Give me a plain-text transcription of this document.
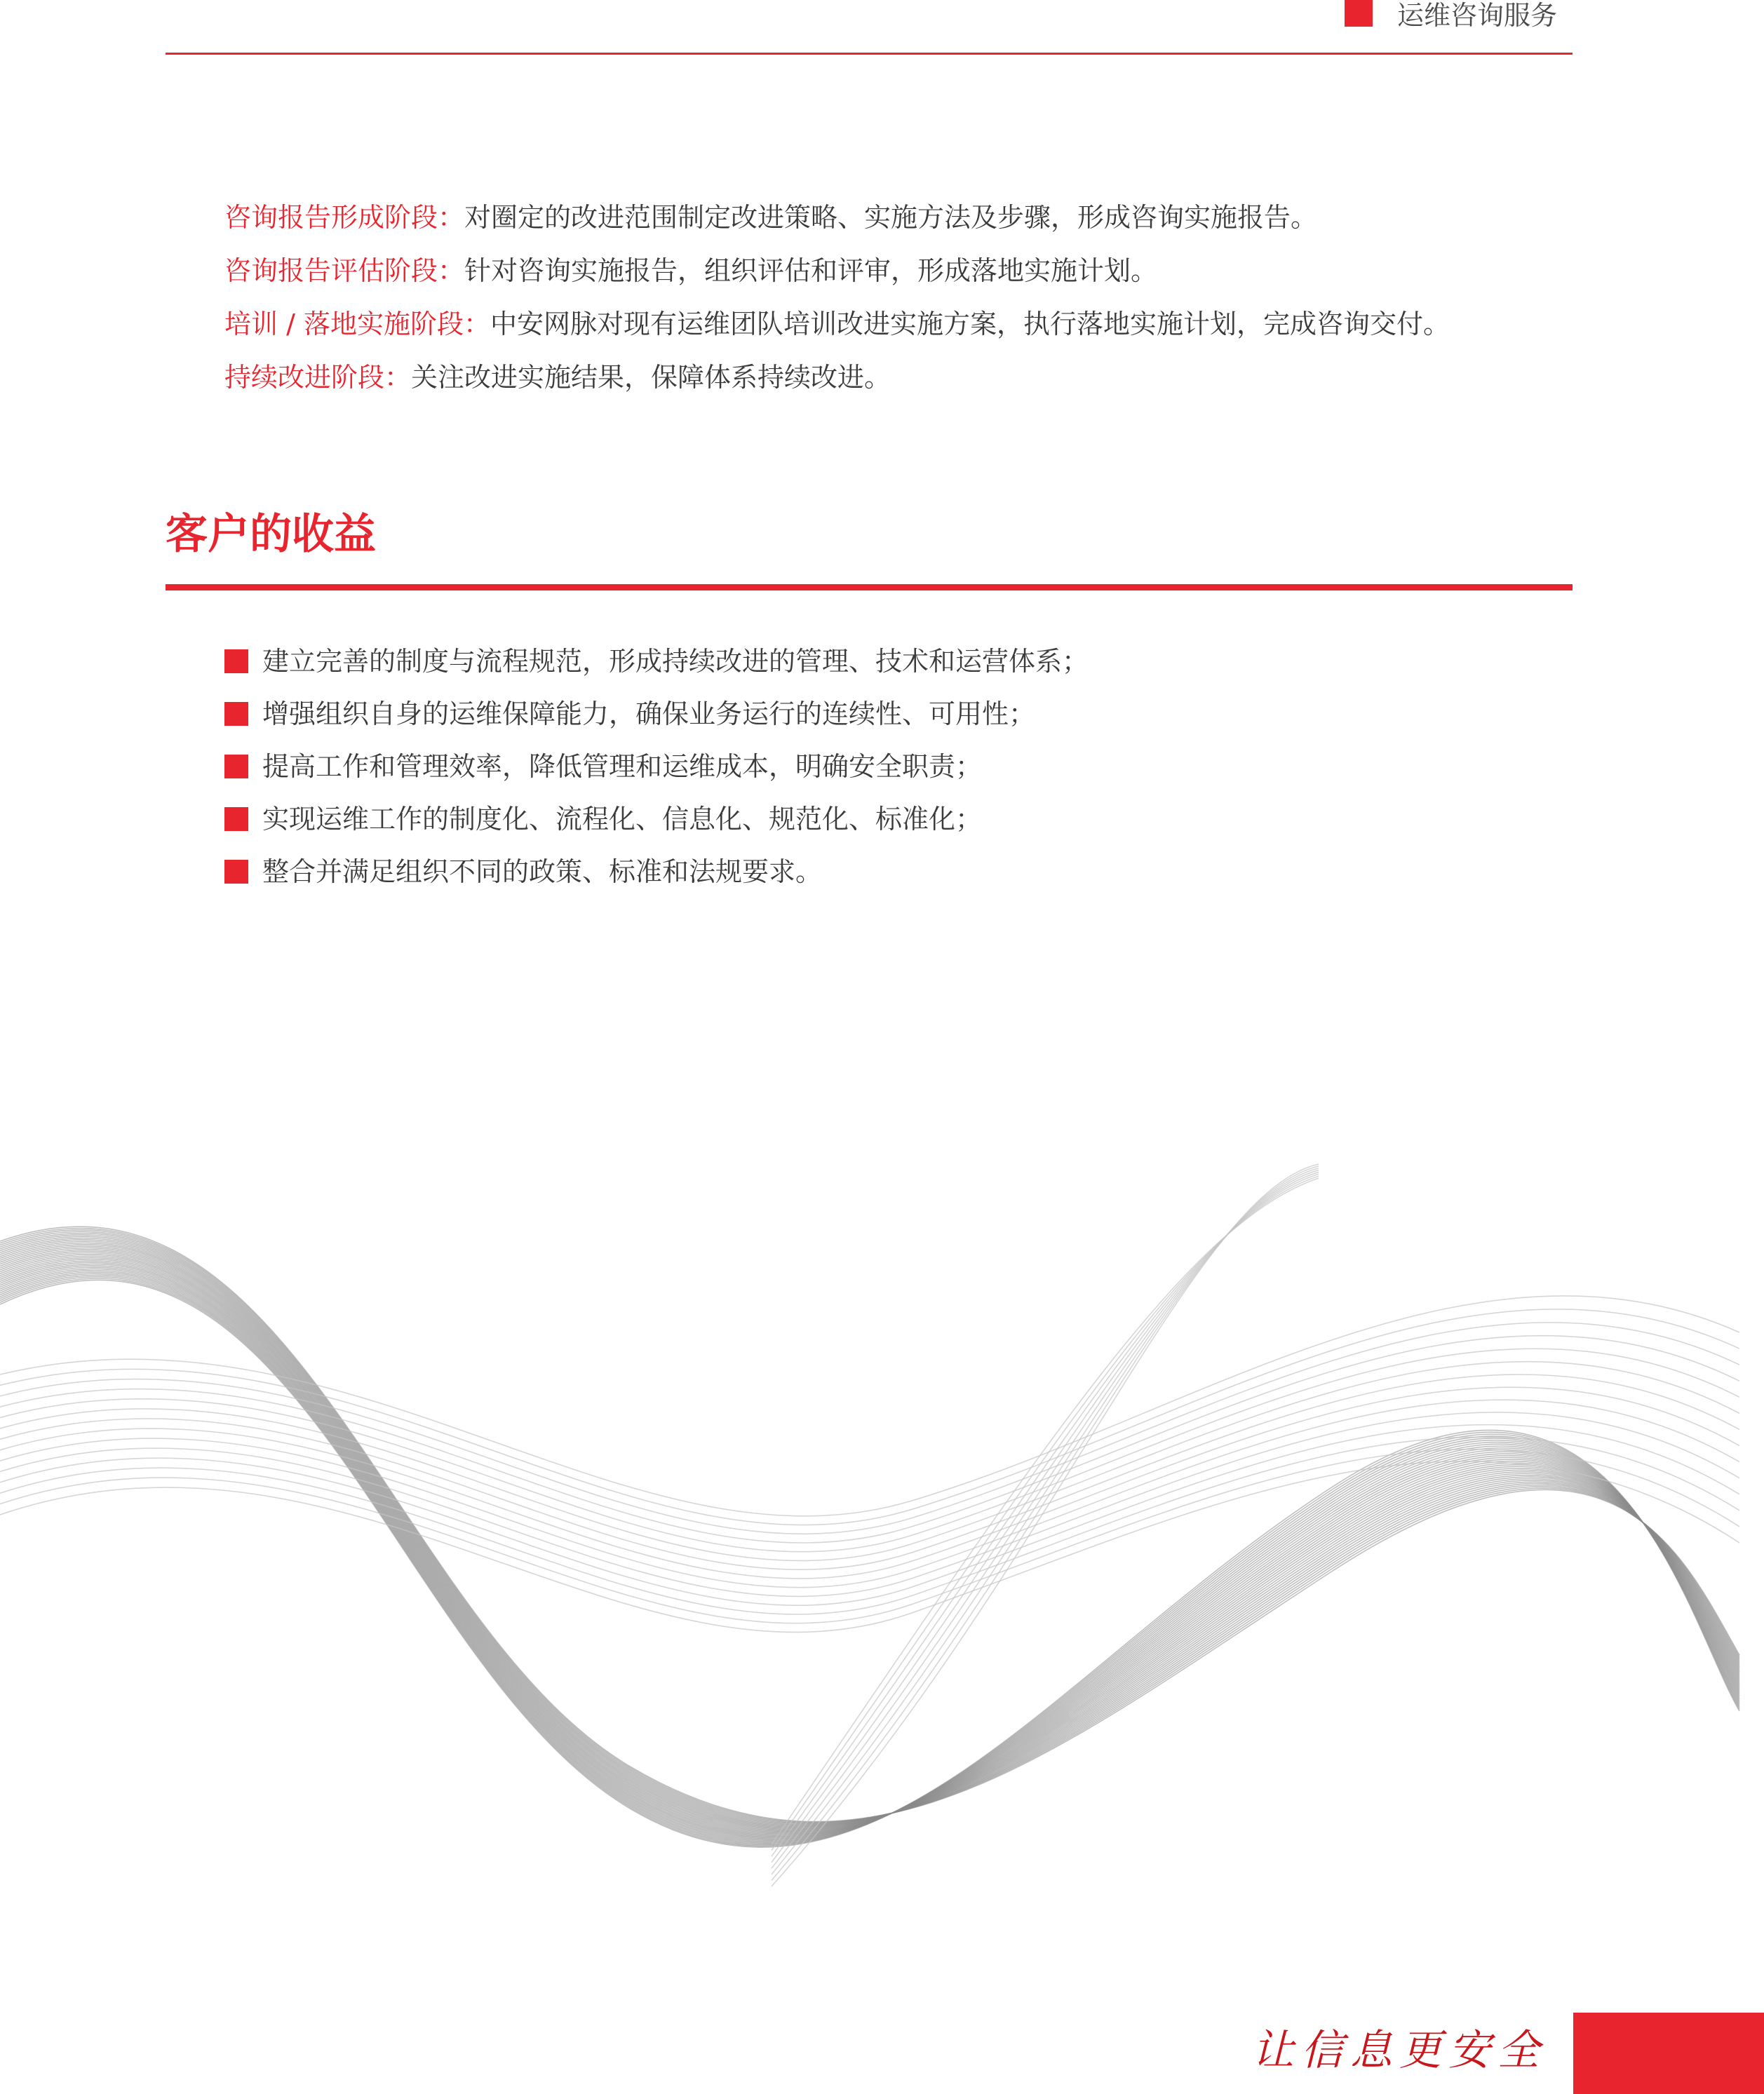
运维咨询服务
咨询报告形成阶段：对圈定的改进范围制定改进策略、实施方法及步骤，形成咨询实施报告。
咨询报告评估阶段：针对咨询实施报告，组织评估和评审，形成落地实施计划。
培训 / 落地实施阶段：中安网脉对现有运维团队培训改进实施方案，执行落地实施计划，完成咨询交付。
持续改进阶段：关注改进实施结果，保障体系持续改进。
客户的收益
建立完善的制度与流程规范，形成持续改进的管理、技术和运营体系；
增强组织自身的运维保障能力，确保业务运行的连续性、可用性；
提高工作和管理效率，降低管理和运维成本，明确安全职责；
实现运维工作的制度化、流程化、信息化、规范化、标准化；
整合并满足组织不同的政策、标准和法规要求。
让信息更安全
